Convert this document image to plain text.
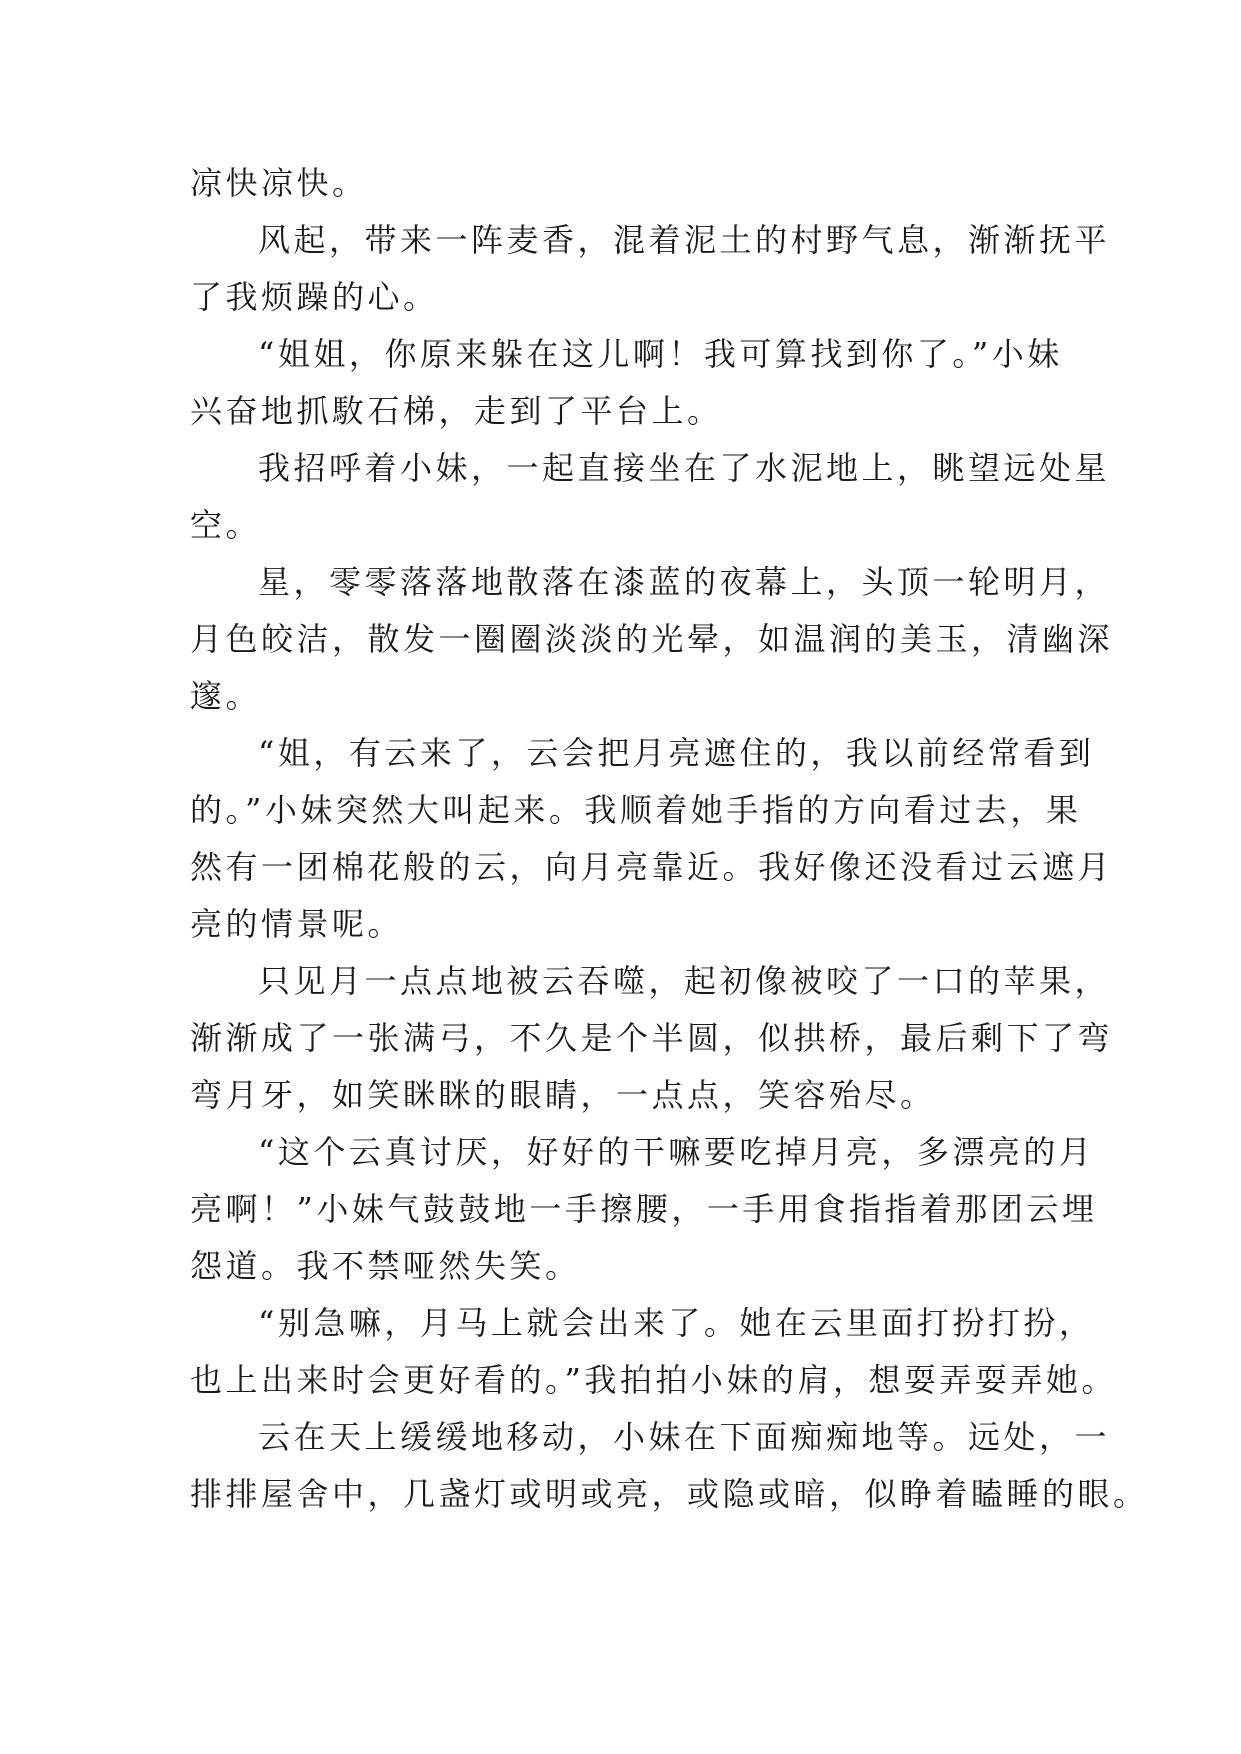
凉快凉快。
风起，带来一阵麦香，混着泥土的村野气息，渐渐抚平
了我烦躁的心。
“姐姐，你原来躲在这儿啊！我可算找到你了。”小妹
兴奋地抓駇石梯，走到了平台上。
我招呼着小妹，一起直接坐在了水泥地上，眺望远处星
空。
星，零零落落地散落在漆蓝的夜幕上，头顶一轮明月，
月色皎洁，散发一圈圈淡淡的光晕，如温润的美玉，清幽深
邃。
“姐，有云来了，云会把月亮遮住的，我以前经常看到
的。”小妹突然大叫起来。我顺着她手指的方向看过去，果
然有一团棉花般的云，向月亮靠近。我好像还没看过云遮月
亮的情景呢。
只见月一点点地被云吞噬，起初像被咬了一口的苹果，
渐渐成了一张满弓，不久是个半圆，似拱桥，最后剩下了弯
弯月牙，如笑眯眯的眼睛，一点点，笑容殆尽。
“这个云真讨厌，好好的干嘛要吃掉月亮，多漂亮的月
亮啊！”小妹气鼓鼓地一手擦腰，一手用食指指着那团云埋
怨道。我不禁哑然失笑。
“别急嘛，月马上就会出来了。她在云里面打扮打扮，
也上出来时会更好看的。”我拍拍小妹的肩，想耍弄耍弄她。
云在天上缓缓地移动，小妹在下面痴痴地等。远处，一
排排屋舍中，几盏灯或明或亮，或隐或暗，似睁着瞌睡的眼。
